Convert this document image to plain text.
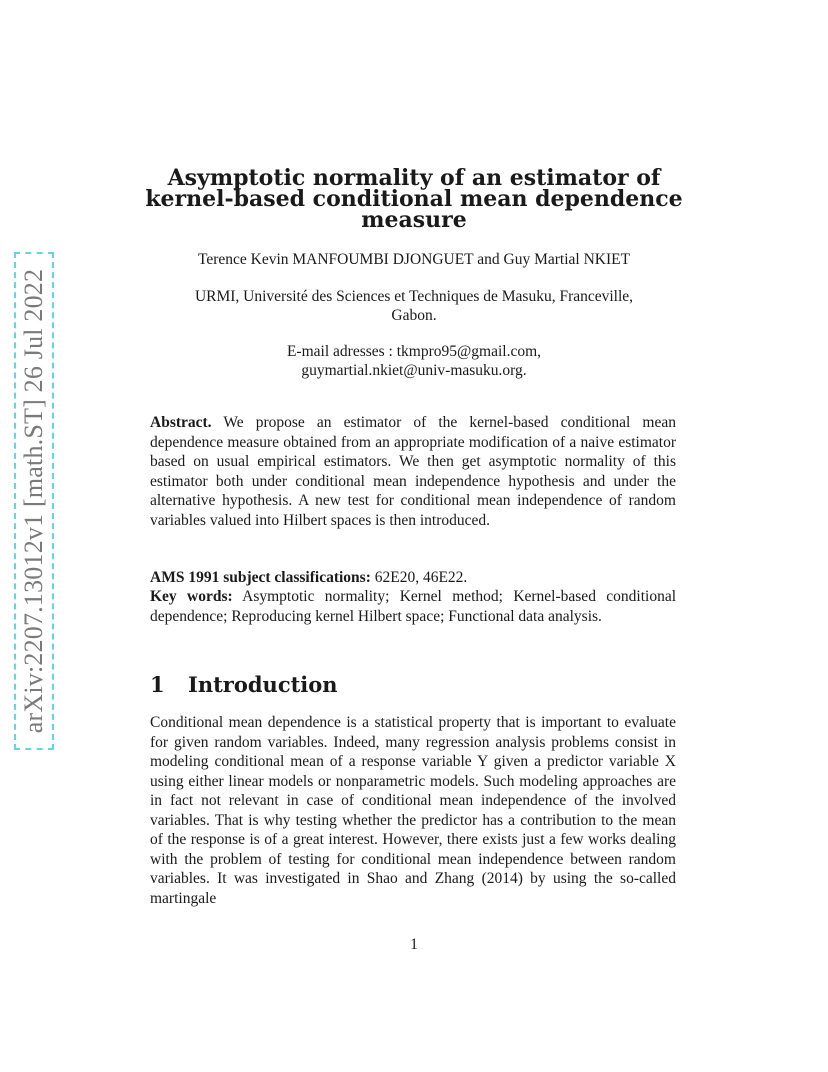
arXiv:2207.13012v1 [math.ST] 26 Jul 2022
Asymptotic normality of an estimator of kernel-based conditional mean dependence measure
Terence Kevin MANFOUMBI DJONGUET and Guy Martial NKIET
URMI, Université des Sciences et Techniques de Masuku, Franceville,
Gabon.
E-mail adresses : tkmpro95@gmail.com,
guymartial.nkiet@univ-masuku.org.

Abstract. We propose an estimator of the kernel-based conditional mean dependence measure obtained from an appropriate modification of a naive estimator based on usual empirical estimators. We then get asymptotic normality of this estimator both under conditional mean independence hypothesis and under the alternative hypothesis. A new test for conditional mean independence of random variables valued into Hilbert spaces is then introduced.

AMS 1991 subject classifications: 62E20, 46E22.

Key words: Asymptotic normality; Kernel method; Kernel-based conditional dependence; Reproducing kernel Hilbert space; Functional data analysis.

1 Introduction

Conditional mean dependence is a statistical property that is important to evaluate for given random variables. Indeed, many regression analysis problems consist in modeling conditional mean of a response variable Y given a predictor variable X using either linear models or nonparametric models. Such modeling approaches are in fact not relevant in case of conditional mean independence of the involved variables. That is why testing whether the predictor has a contribution to the mean of the response is of a great interest. However, there exists just a few works dealing with the problem of testing for conditional mean independence between random variables. It was investigated in Shao and Zhang (2014) by using the so-called martingale

1
